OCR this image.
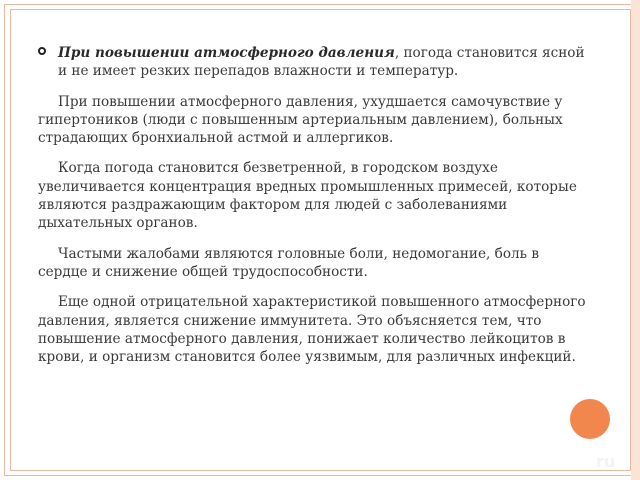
При повышении атмосферного давления, погода становится ясной и не имеет резких перепадов влажности и температур.

При повышении атмосферного давления, ухудшается самочувствие у гипертоников (люди с повышенным артериальным давлением), больных страдающих бронхиальной астмой и аллергиков.

Когда погода становится безветренной, в городском воздухе увеличивается концентрация вредных промышленных примесей, которые являются раздражающим фактором для людей с заболеваниями дыхательных органов.

Частыми жалобами являются головные боли, недомогание, боль в сердце и снижение общей трудоспособности.

Еще одной отрицательной характеристикой повышенного атмосферного давления, является снижение иммунитета. Это объясняется тем, что повышение атмосферного давления, понижает количество лейкоцитов в крови, и организм становится более уязвимым, для различных инфекций.

ru
